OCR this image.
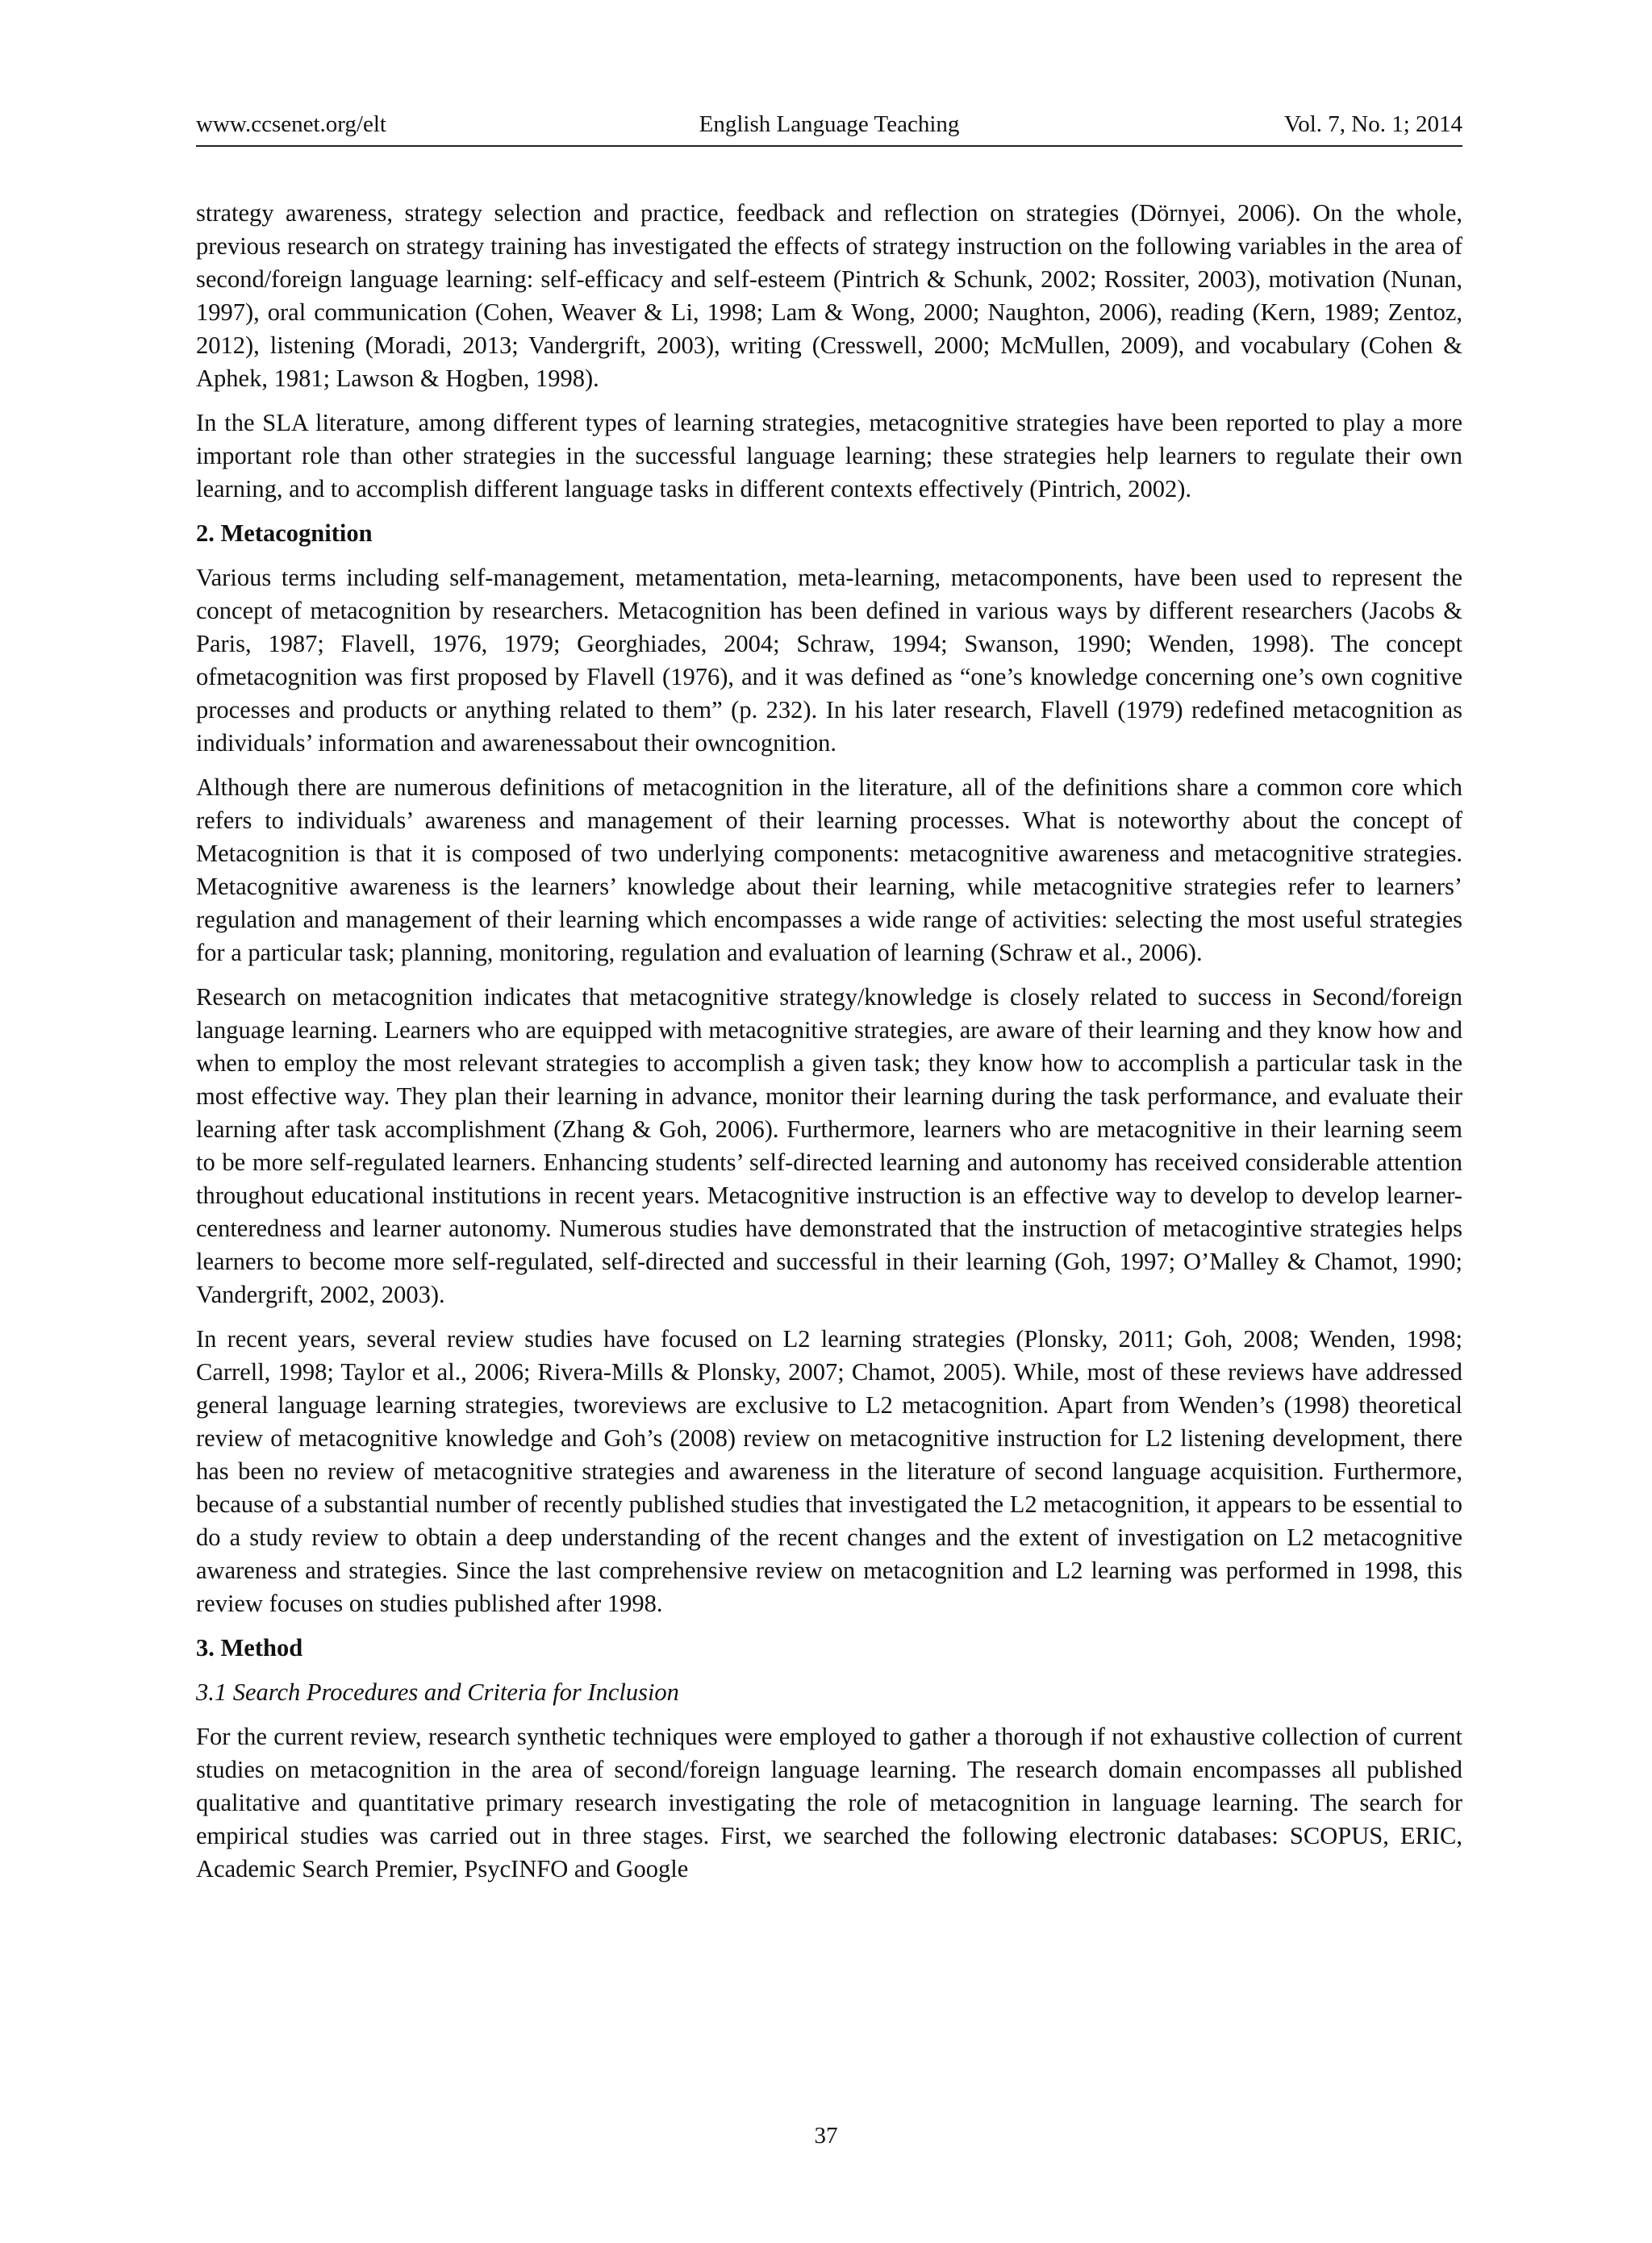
www.ccsenet.org/elt	English Language Teaching	Vol. 7, No. 1; 2014

strategy awareness, strategy selection and practice, feedback and reflection on strategies (Dörnyei, 2006). On the whole, previous research on strategy training has investigated the effects of strategy instruction on the following variables in the area of second/foreign language learning: self-efficacy and self-esteem (Pintrich & Schunk, 2002; Rossiter, 2003), motivation (Nunan, 1997), oral communication (Cohen, Weaver & Li, 1998; Lam & Wong, 2000; Naughton, 2006), reading (Kern, 1989; Zentoz, 2012), listening (Moradi, 2013; Vandergrift, 2003), writing (Cresswell, 2000; McMullen, 2009), and vocabulary (Cohen & Aphek, 1981; Lawson & Hogben, 1998).

In the SLA literature, among different types of learning strategies, metacognitive strategies have been reported to play a more important role than other strategies in the successful language learning; these strategies help learners to regulate their own learning, and to accomplish different language tasks in different contexts effectively (Pintrich, 2002).

2. Metacognition

Various terms including self-management, metamentation, meta-learning, metacomponents, have been used to represent the concept of metacognition by researchers. Metacognition has been defined in various ways by different researchers (Jacobs & Paris, 1987; Flavell, 1976, 1979; Georghiades, 2004; Schraw, 1994; Swanson, 1990; Wenden, 1998). The concept ofmetacognition was first proposed by Flavell (1976), and it was defined as “one’s knowledge concerning one’s own cognitive processes and products or anything related to them” (p. 232). In his later research, Flavell (1979) redefined metacognition as individuals’ information and awarenessabout their owncognition.

Although there are numerous definitions of metacognition in the literature, all of the definitions share a common core which refers to individuals’ awareness and management of their learning processes. What is noteworthy about the concept of Metacognition is that it is composed of two underlying components: metacognitive awareness and metacognitive strategies. Metacognitive awareness is the learners’ knowledge about their learning, while metacognitive strategies refer to learners’ regulation and management of their learning which encompasses a wide range of activities: selecting the most useful strategies for a particular task; planning, monitoring, regulation and evaluation of learning (Schraw et al., 2006).

Research on metacognition indicates that metacognitive strategy/knowledge is closely related to success in Second/foreign language learning. Learners who are equipped with metacognitive strategies, are aware of their learning and they know how and when to employ the most relevant strategies to accomplish a given task; they know how to accomplish a particular task in the most effective way. They plan their learning in advance, monitor their learning during the task performance, and evaluate their learning after task accomplishment (Zhang & Goh, 2006). Furthermore, learners who are metacognitive in their learning seem to be more self-regulated learners. Enhancing students’ self-directed learning and autonomy has received considerable attention throughout educational institutions in recent years. Metacognitive instruction is an effective way to develop to develop learner-centeredness and learner autonomy. Numerous studies have demonstrated that the instruction of metacogintive strategies helps learners to become more self-regulated, self-directed and successful in their learning (Goh, 1997; O’Malley & Chamot, 1990; Vandergrift, 2002, 2003).

In recent years, several review studies have focused on L2 learning strategies (Plonsky, 2011; Goh, 2008; Wenden, 1998; Carrell, 1998; Taylor et al., 2006; Rivera-Mills & Plonsky, 2007; Chamot, 2005). While, most of these reviews have addressed general language learning strategies, tworeviews are exclusive to L2 metacognition. Apart from Wenden’s (1998) theoretical review of metacognitive knowledge and Goh’s (2008) review on metacognitive instruction for L2 listening development, there has been no review of metacognitive strategies and awareness in the literature of second language acquisition. Furthermore, because of a substantial number of recently published studies that investigated the L2 metacognition, it appears to be essential to do a study review to obtain a deep understanding of the recent changes and the extent of investigation on L2 metacognitive awareness and strategies. Since the last comprehensive review on metacognition and L2 learning was performed in 1998, this review focuses on studies published after 1998.

3. Method
3.1 Search Procedures and Criteria for Inclusion

For the current review, research synthetic techniques were employed to gather a thorough if not exhaustive collection of current studies on metacognition in the area of second/foreign language learning. The research domain encompasses all published qualitative and quantitative primary research investigating the role of metacognition in language learning. The search for empirical studies was carried out in three stages. First, we searched the following electronic databases: SCOPUS, ERIC, Academic Search Premier, PsycINFO and Google

37
